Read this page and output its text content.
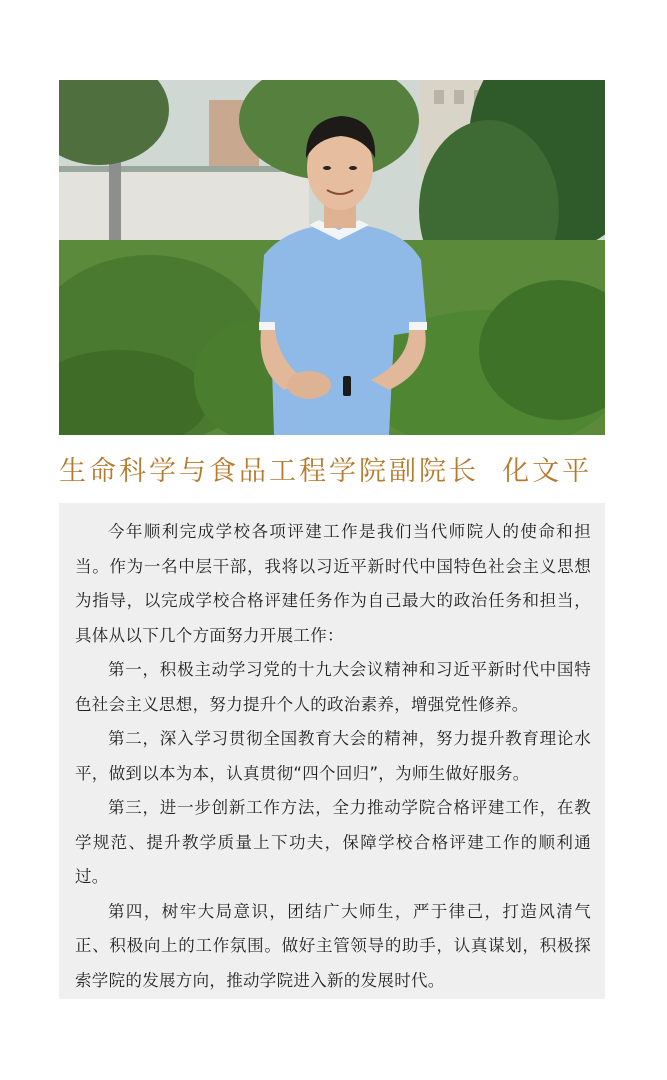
生命科学与食品工程学院副院长 化文平

今年顺利完成学校各项评建工作是我们当代师院人的使命和担当。作为一名中层干部，我将以习近平新时代中国特色社会主义思想为指导，以完成学校合格评建任务作为自己最大的政治任务和担当，具体从以下几个方面努力开展工作：

第一，积极主动学习党的十九大会议精神和习近平新时代中国特色社会主义思想，努力提升个人的政治素养，增强党性修养。

第二，深入学习贯彻全国教育大会的精神，努力提升教育理论水平，做到以本为本，认真贯彻“四个回归”，为师生做好服务。

第三，进一步创新工作方法，全力推动学院合格评建工作，在教学规范、提升教学质量上下功夫，保障学校合格评建工作的顺利通过。

第四，树牢大局意识，团结广大师生，严于律己，打造风清气正、积极向上的工作氛围。做好主管领导的助手，认真谋划，积极探索学院的发展方向，推动学院进入新的发展时代。
